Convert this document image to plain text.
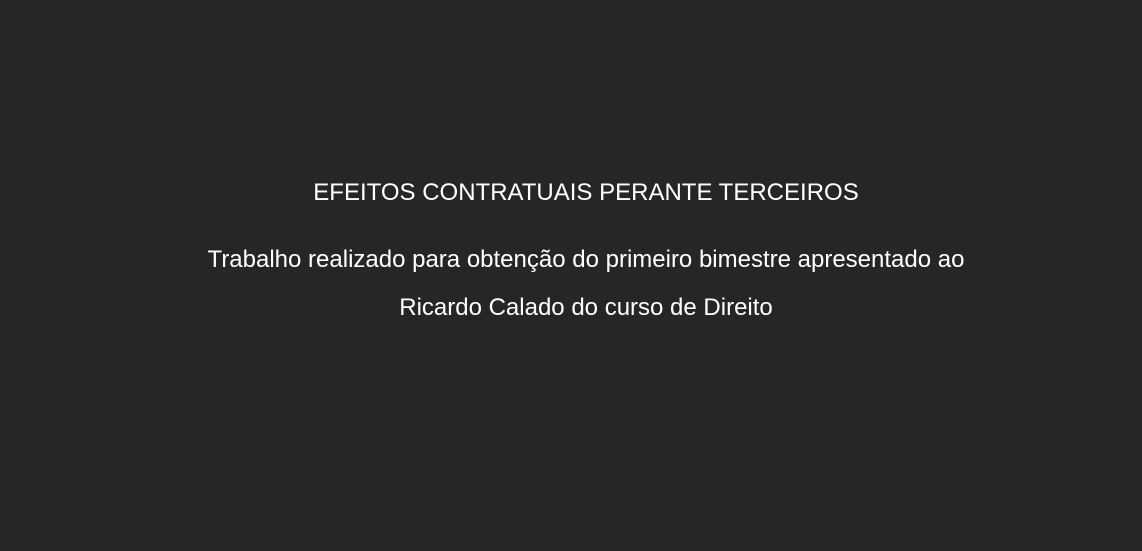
EFEITOS CONTRATUAIS PERANTE TERCEIROS
Trabalho realizado para obtenção do primeiro bimestre apresentado ao
Ricardo Calado do curso de Direito
